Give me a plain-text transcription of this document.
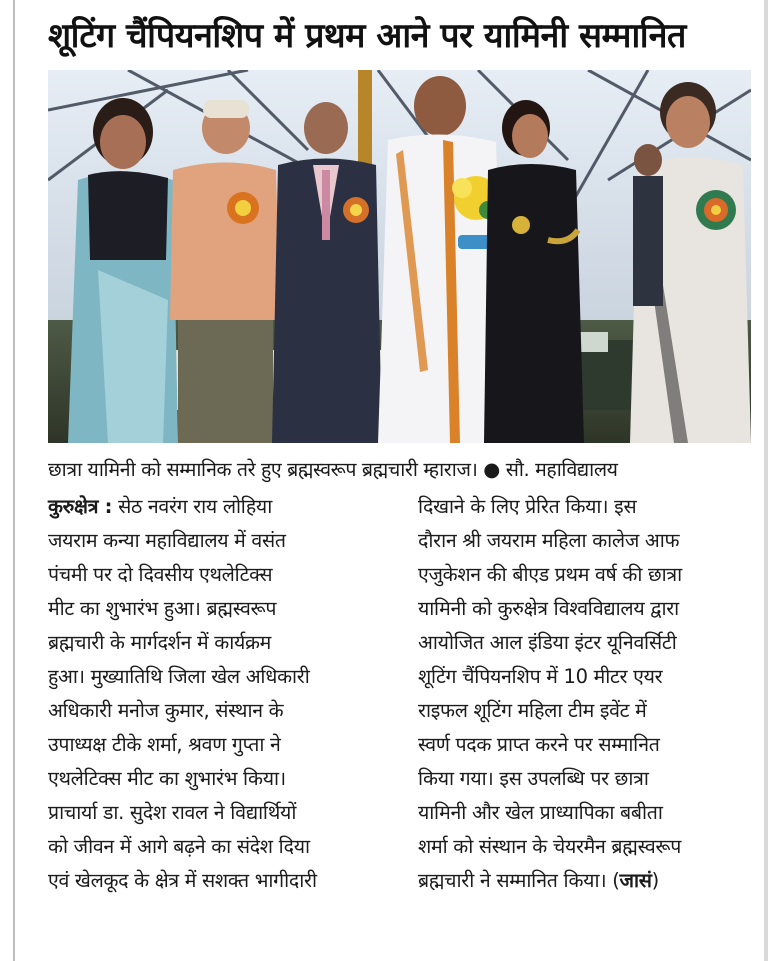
शूटिंग चैंपियनशिप में प्रथम आने पर यामिनी सम्मानित
छात्रा यामिनी को सम्मानिक तरे हुए ब्रह्मस्वरूप ब्रह्मचारी म्हाराज। ● सौ. महाविद्यालय
कुरुक्षेत्र : सेठ नवरंग राय लोहिया
जयराम कन्या महाविद्यालय में वसंत
पंचमी पर दो दिवसीय एथलेटिक्स
मीट का शुभारंभ हुआ। ब्रह्मस्वरूप
ब्रह्मचारी के मार्गदर्शन में कार्यक्रम
हुआ। मुख्यातिथि जिला खेल अधिकारी
अधिकारी मनोज कुमार, संस्थान के
उपाध्यक्ष टीके शर्मा, श्रवण गुप्ता ने
एथलेटिक्स मीट का शुभारंभ किया।
प्राचार्या डा. सुदेश रावल ने विद्यार्थियों
को जीवन में आगे बढ़ने का संदेश दिया
एवं खेलकूद के क्षेत्र में सशक्त भागीदारी
दिखाने के लिए प्रेरित किया। इस
दौरान श्री जयराम महिला कालेज आफ
एजुकेशन की बीएड प्रथम वर्ष की छात्रा
यामिनी को कुरुक्षेत्र विश्वविद्यालय द्वारा
आयोजित आल इंडिया इंटर यूनिवर्सिटी
शूटिंग चैंपियनशिप में 10 मीटर एयर
राइफल शूटिंग महिला टीम इवेंट में
स्वर्ण पदक प्राप्त करने पर सम्मानित
किया गया। इस उपलब्धि पर छात्रा
यामिनी और खेल प्राध्यापिका बबीता
शर्मा को संस्थान के चेयरमैन ब्रह्मस्वरूप
ब्रह्मचारी ने सम्मानित किया। (जासं)
